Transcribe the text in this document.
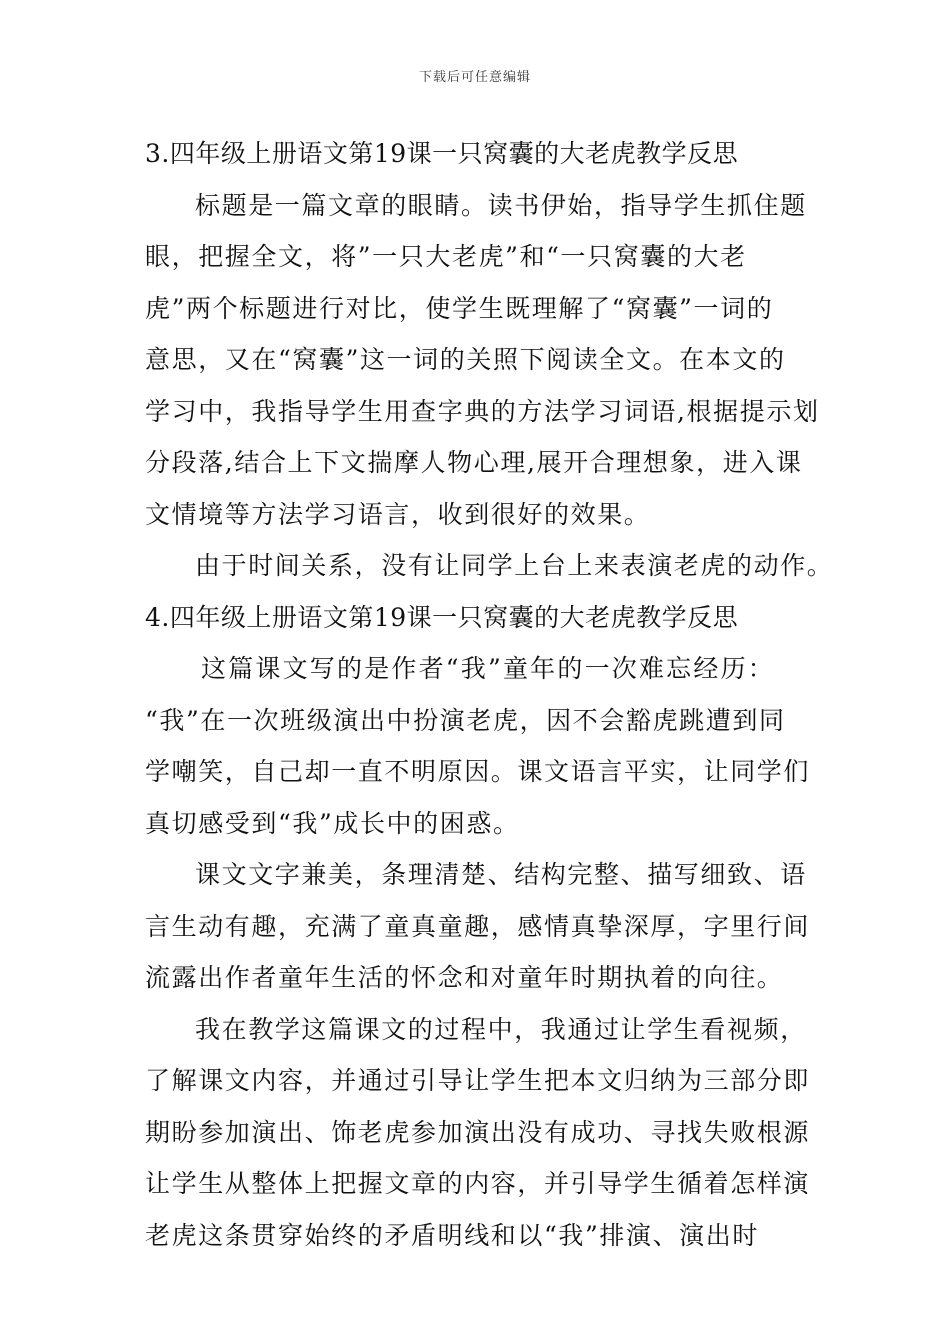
下载后可任意编辑
3.四年级上册语文第19课一只窝囊的大老虎教学反思
标题是一篇文章的眼睛。读书伊始，指导学生抓住题
眼，把握全文，将”一只大老虎”和“一只窝囊的大老
虎”两个标题进行对比，使学生既理解了“窝囊”一词的
意思，又在“窝囊”这一词的关照下阅读全文。在本文的
学习中，我指导学生用查字典的方法学习词语,根据提示划
分段落,结合上下文揣摩人物心理,展开合理想象，进入课
文情境等方法学习语言，收到很好的效果。
由于时间关系，没有让同学上台上来表演老虎的动作。
4.四年级上册语文第19课一只窝囊的大老虎教学反思
这篇课文写的是作者“我”童年的一次难忘经历：
“我”在一次班级演出中扮演老虎，因不会豁虎跳遭到同
学嘲笑，自己却一直不明原因。课文语言平实，让同学们
真切感受到“我”成长中的困惑。
课文文字兼美，条理清楚、结构完整、描写细致、语
言生动有趣，充满了童真童趣，感情真挚深厚，字里行间
流露出作者童年生活的怀念和对童年时期执着的向往。
我在教学这篇课文的过程中，我通过让学生看视频，
了解课文内容，并通过引导让学生把本文归纳为三部分即
期盼参加演出、饰老虎参加演出没有成功、寻找失败根源
让学生从整体上把握文章的内容，并引导学生循着怎样演
老虎这条贯穿始终的矛盾明线和以“我”排演、演出时
